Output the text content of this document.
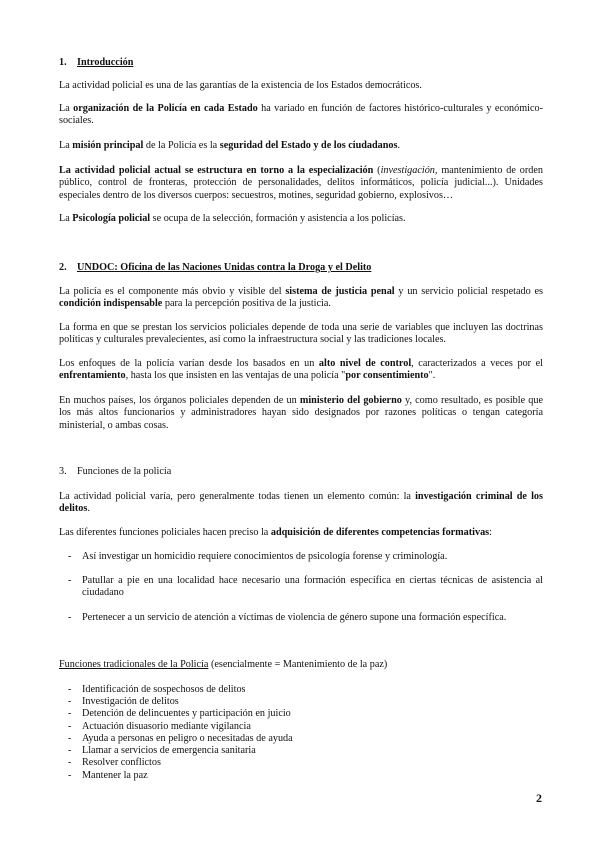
1. Introducción

La actividad policial es una de las garantías de la existencia de los Estados democráticos.

La organización de la Policía en cada Estado ha variado en función de factores histórico-culturales y económico-sociales.

La misión principal de la Policía es la seguridad del Estado y de los ciudadanos.

La actividad policial actual se estructura en torno a la especialización (investigación, mantenimiento de orden público, control de fronteras, protección de personalidades, delitos informáticos, policía judicial...). Unidades especiales dentro de los diversos cuerpos: secuestros, motines, seguridad gobierno, explosivos…

La Psicología policial se ocupa de la selección, formación y asistencia a los policías.

2. UNDOC: Oficina de las Naciones Unidas contra la Droga y el Delito

La policía es el componente más obvio y visible del sistema de justicia penal y un servicio policial respetado es condición indispensable para la percepción positiva de la justicia.

La forma en que se prestan los servicios policiales depende de toda una serie de variables que incluyen las doctrinas políticas y culturales prevalecientes, así como la infraestructura social y las tradiciones locales.

Los enfoques de la policía varían desde los basados en un alto nivel de control, caracterizados a veces por el enfrentamiento, hasta los que insisten en las ventajas de una policía "por consentimiento".

En muchos países, los órganos policiales dependen de un ministerio del gobierno y, como resultado, es posible que los más altos funcionarios y administradores hayan sido designados por razones políticas o tengan categoría ministerial, o ambas cosas.

3. Funciones de la policía

La actividad policial varía, pero generalmente todas tienen un elemento común: la investigación criminal de los delitos.

Las diferentes funciones policiales hacen preciso la adquisición de diferentes competencias formativas:

- Así investigar un homicidio requiere conocimientos de psicología forense y criminología.
- Patullar a pie en una localidad hace necesario una formación específica en ciertas técnicas de asistencia al ciudadano
- Pertenecer a un servicio de atención a víctimas de violencia de género supone una formación específica.

Funciones tradicionales de la Policía (esencialmente = Mantenimiento de la paz)

- Identificación de sospechosos de delitos
- Investigación de delitos
- Detención de delincuentes y participación en juicio
- Actuación disuasorio mediante vigilancia
- Ayuda a personas en peligro o necesitadas de ayuda
- Llamar a servicios de emergencia sanitaria
- Resolver conflictos
- Mantener la paz
2
